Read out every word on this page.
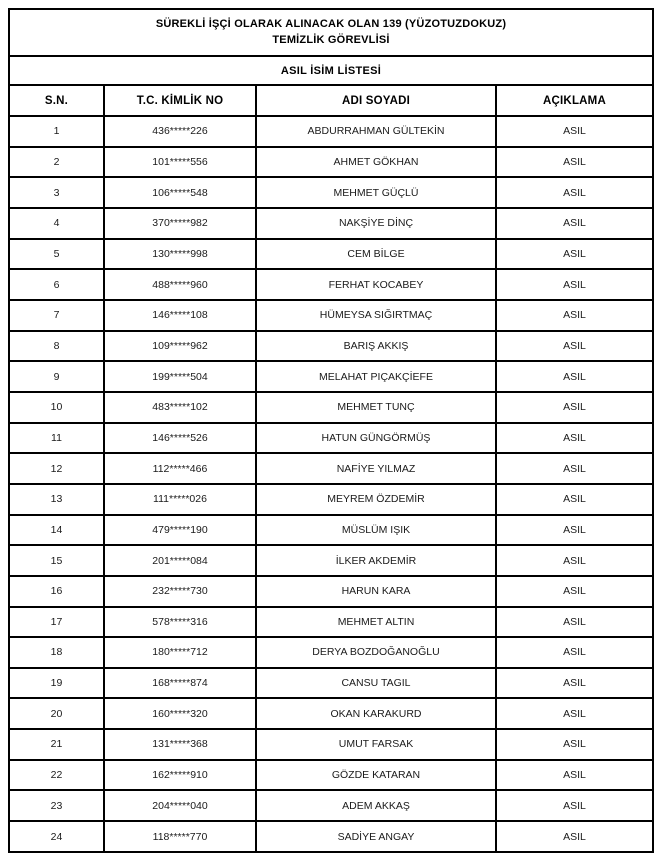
SÜREKLİ İŞÇİ OLARAK ALINACAK OLAN 139 (YÜZOTUZDOKUZ)
TEMİZLİK GÖREVLİSİ			

ASIL İSİM LİSTESİ			
S.N.	T.C. KİMLİK NO	ADI SOYADI	AÇIKLAMA
1	436*****226	ABDURRAHMAN GÜLTEKİN	ASIL
2	101*****556	AHMET GÖKHAN	ASIL
3	106*****548	MEHMET GÜÇLÜ	ASIL
4	370*****982	NAKŞİYE DİNÇ	ASIL
5	130*****998	CEM BİLGE	ASIL
6	488*****960	FERHAT KOCABEY	ASIL
7	146*****108	HÜMEYSA SIĞIRTMAÇ	ASIL
8	109*****962	BARIŞ AKKIŞ	ASIL
9	199*****504	MELAHAT PIÇAKÇİEFE	ASIL
10	483*****102	MEHMET TUNÇ	ASIL
11	146*****526	HATUN GÜNGÖRMÜŞ	ASIL
12	112*****466	NAFİYE YILMAZ	ASIL
13	111*****026	MEYREM ÖZDEMİR	ASIL
14	479*****190	MÜSLÜM IŞIK	ASIL
15	201*****084	İLKER AKDEMİR	ASIL
16	232*****730	HARUN KARA	ASIL
17	578*****316	MEHMET ALTIN	ASIL
18	180*****712	DERYA BOZDOĞANOĞLU	ASIL
19	168*****874	CANSU TAGIL	ASIL
20	160*****320	OKAN KARAKURD	ASIL
21	131*****368	UMUT FARSAK	ASIL
22	162*****910	GÖZDE KATARAN	ASIL
23	204*****040	ADEM AKKAŞ	ASIL
24	118*****770	SADİYE ANGAY	ASIL
